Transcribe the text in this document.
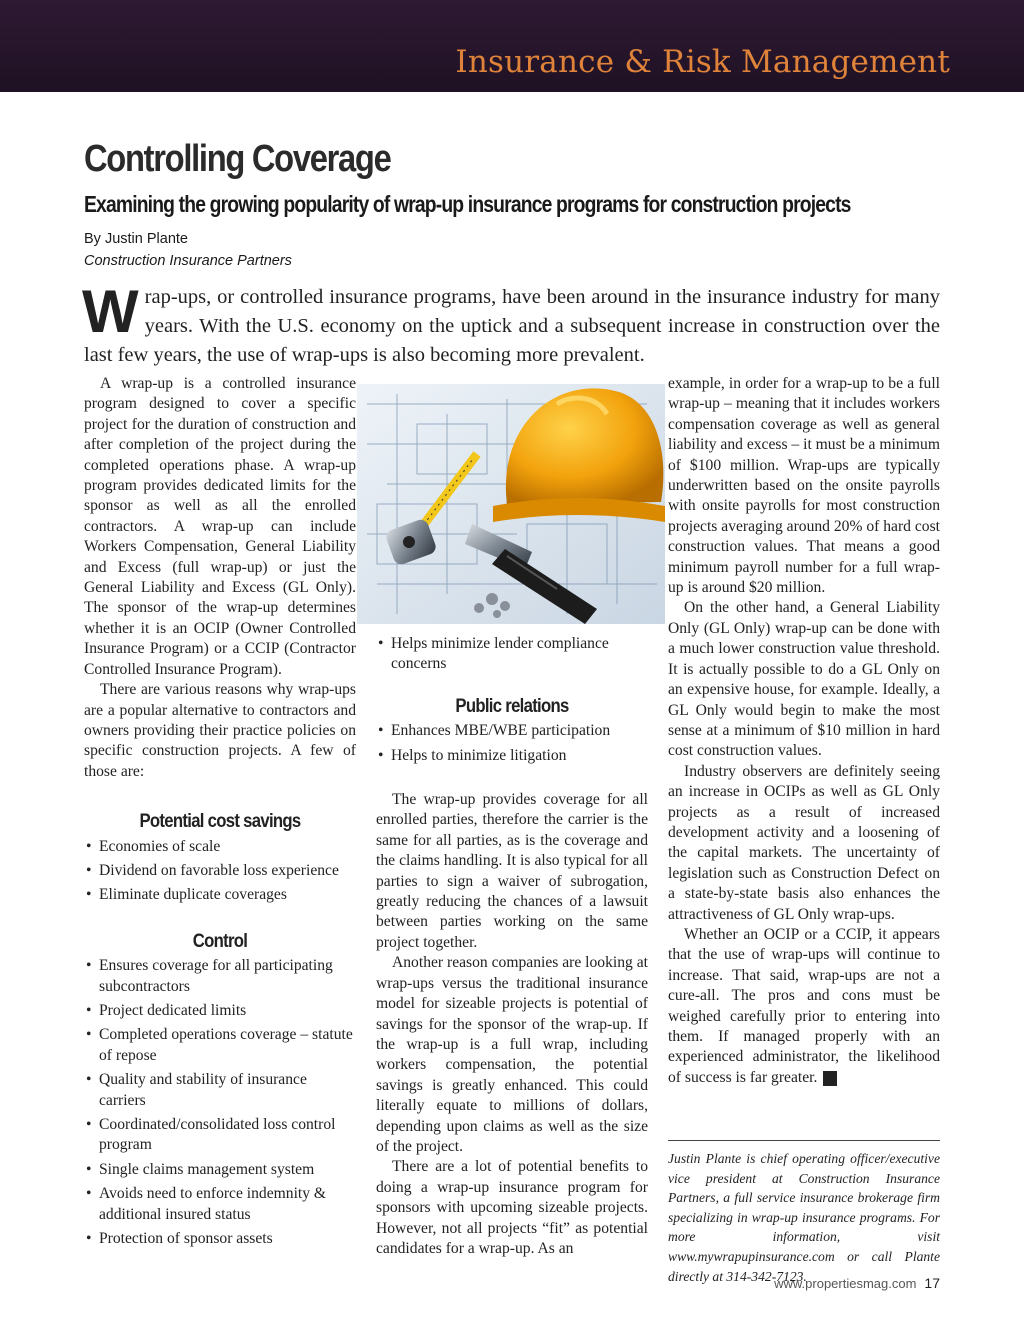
Insurance & Risk Management
Controlling Coverage
Examining the growing popularity of wrap-up insurance programs for construction projects
By Justin Plante
Construction Insurance Partners
Wrap-ups, or controlled insurance programs, have been around in the insurance industry for many years. With the U.S. economy on the uptick and a subsequent increase in construction over the last few years, the use of wrap-ups is also becoming more prevalent.

A wrap-up is a controlled insurance program designed to cover a specific project for the duration of construction and after completion of the project during the completed operations phase. A wrap-up program provides dedicated limits for the sponsor as well as all the enrolled contractors. A wrap-up can include Workers Compensation, General Liability and Excess (full wrap-up) or just the General Liability and Excess (GL Only). The sponsor of the wrap-up determines whether it is an OCIP (Owner Controlled Insurance Program) or a CCIP (Contractor Controlled Insurance Program).

There are various reasons why wrap-ups are a popular alternative to contractors and owners providing their practice policies on specific construction projects. A few of those are:

Potential cost savings
• Economies of scale
• Dividend on favorable loss experience
• Eliminate duplicate coverages
Control
• Ensures coverage for all participating subcontractors
• Project dedicated limits
• Completed operations coverage – statute of repose
• Quality and stability of insurance carriers
• Coordinated/consolidated loss control program
• Single claims management system
• Avoids need to enforce indemnity & additional insured status
• Protection of sponsor assets
• Helps minimize lender compliance concerns
Public relations
• Enhances MBE/WBE participation
• Helps to minimize litigation

The wrap-up provides coverage for all enrolled parties, therefore the carrier is the same for all parties, as is the coverage and the claims handling. It is also typical for all parties to sign a waiver of subrogation, greatly reducing the chances of a lawsuit between parties working on the same project together.

Another reason companies are looking at wrap-ups versus the traditional insurance model for sizeable projects is potential of savings for the sponsor of the wrap-up. If the wrap-up is a full wrap, including workers compensation, the potential savings is greatly enhanced. This could literally equate to millions of dollars, depending upon claims as well as the size of the project.

There are a lot of potential benefits to doing a wrap-up insurance program for sponsors with upcoming sizeable projects. However, not all projects “fit” as potential candidates for a wrap-up. As an

example, in order for a wrap-up to be a full wrap-up – meaning that it includes workers compensation coverage as well as general liability and excess – it must be a minimum of $100 million. Wrap-ups are typically underwritten based on the onsite payrolls with onsite payrolls for most construction projects averaging around 20% of hard cost construction values. That means a good minimum payroll number for a full wrap-up is around $20 million.

On the other hand, a General Liability Only (GL Only) wrap-up can be done with a much lower construction value threshold. It is actually possible to do a GL Only on an expensive house, for example. Ideally, a GL Only would begin to make the most sense at a minimum of $10 million in hard cost construction values.

Industry observers are definitely seeing an increase in OCIPs as well as GL Only projects as a result of increased development activity and a loosening of the capital markets. The uncertainty of legislation such as Construction Defect on a state-by-state basis also enhances the attractiveness of GL Only wrap-ups.

Whether an OCIP or a CCIP, it appears that the use of wrap-ups will continue to increase. That said, wrap-ups are not a cure-all. The pros and cons must be weighed carefully prior to entering into them. If managed properly with an experienced administrator, the likelihood of success is far greater. P

Justin Plante is chief operating officer/executive vice president at Construction Insurance Partners, a full service insurance brokerage firm specializing in wrap-up insurance programs. For more information, visit www.mywrapupinsurance.com or call Plante directly at 314-342-7123.
www.propertiesmag.com 17
